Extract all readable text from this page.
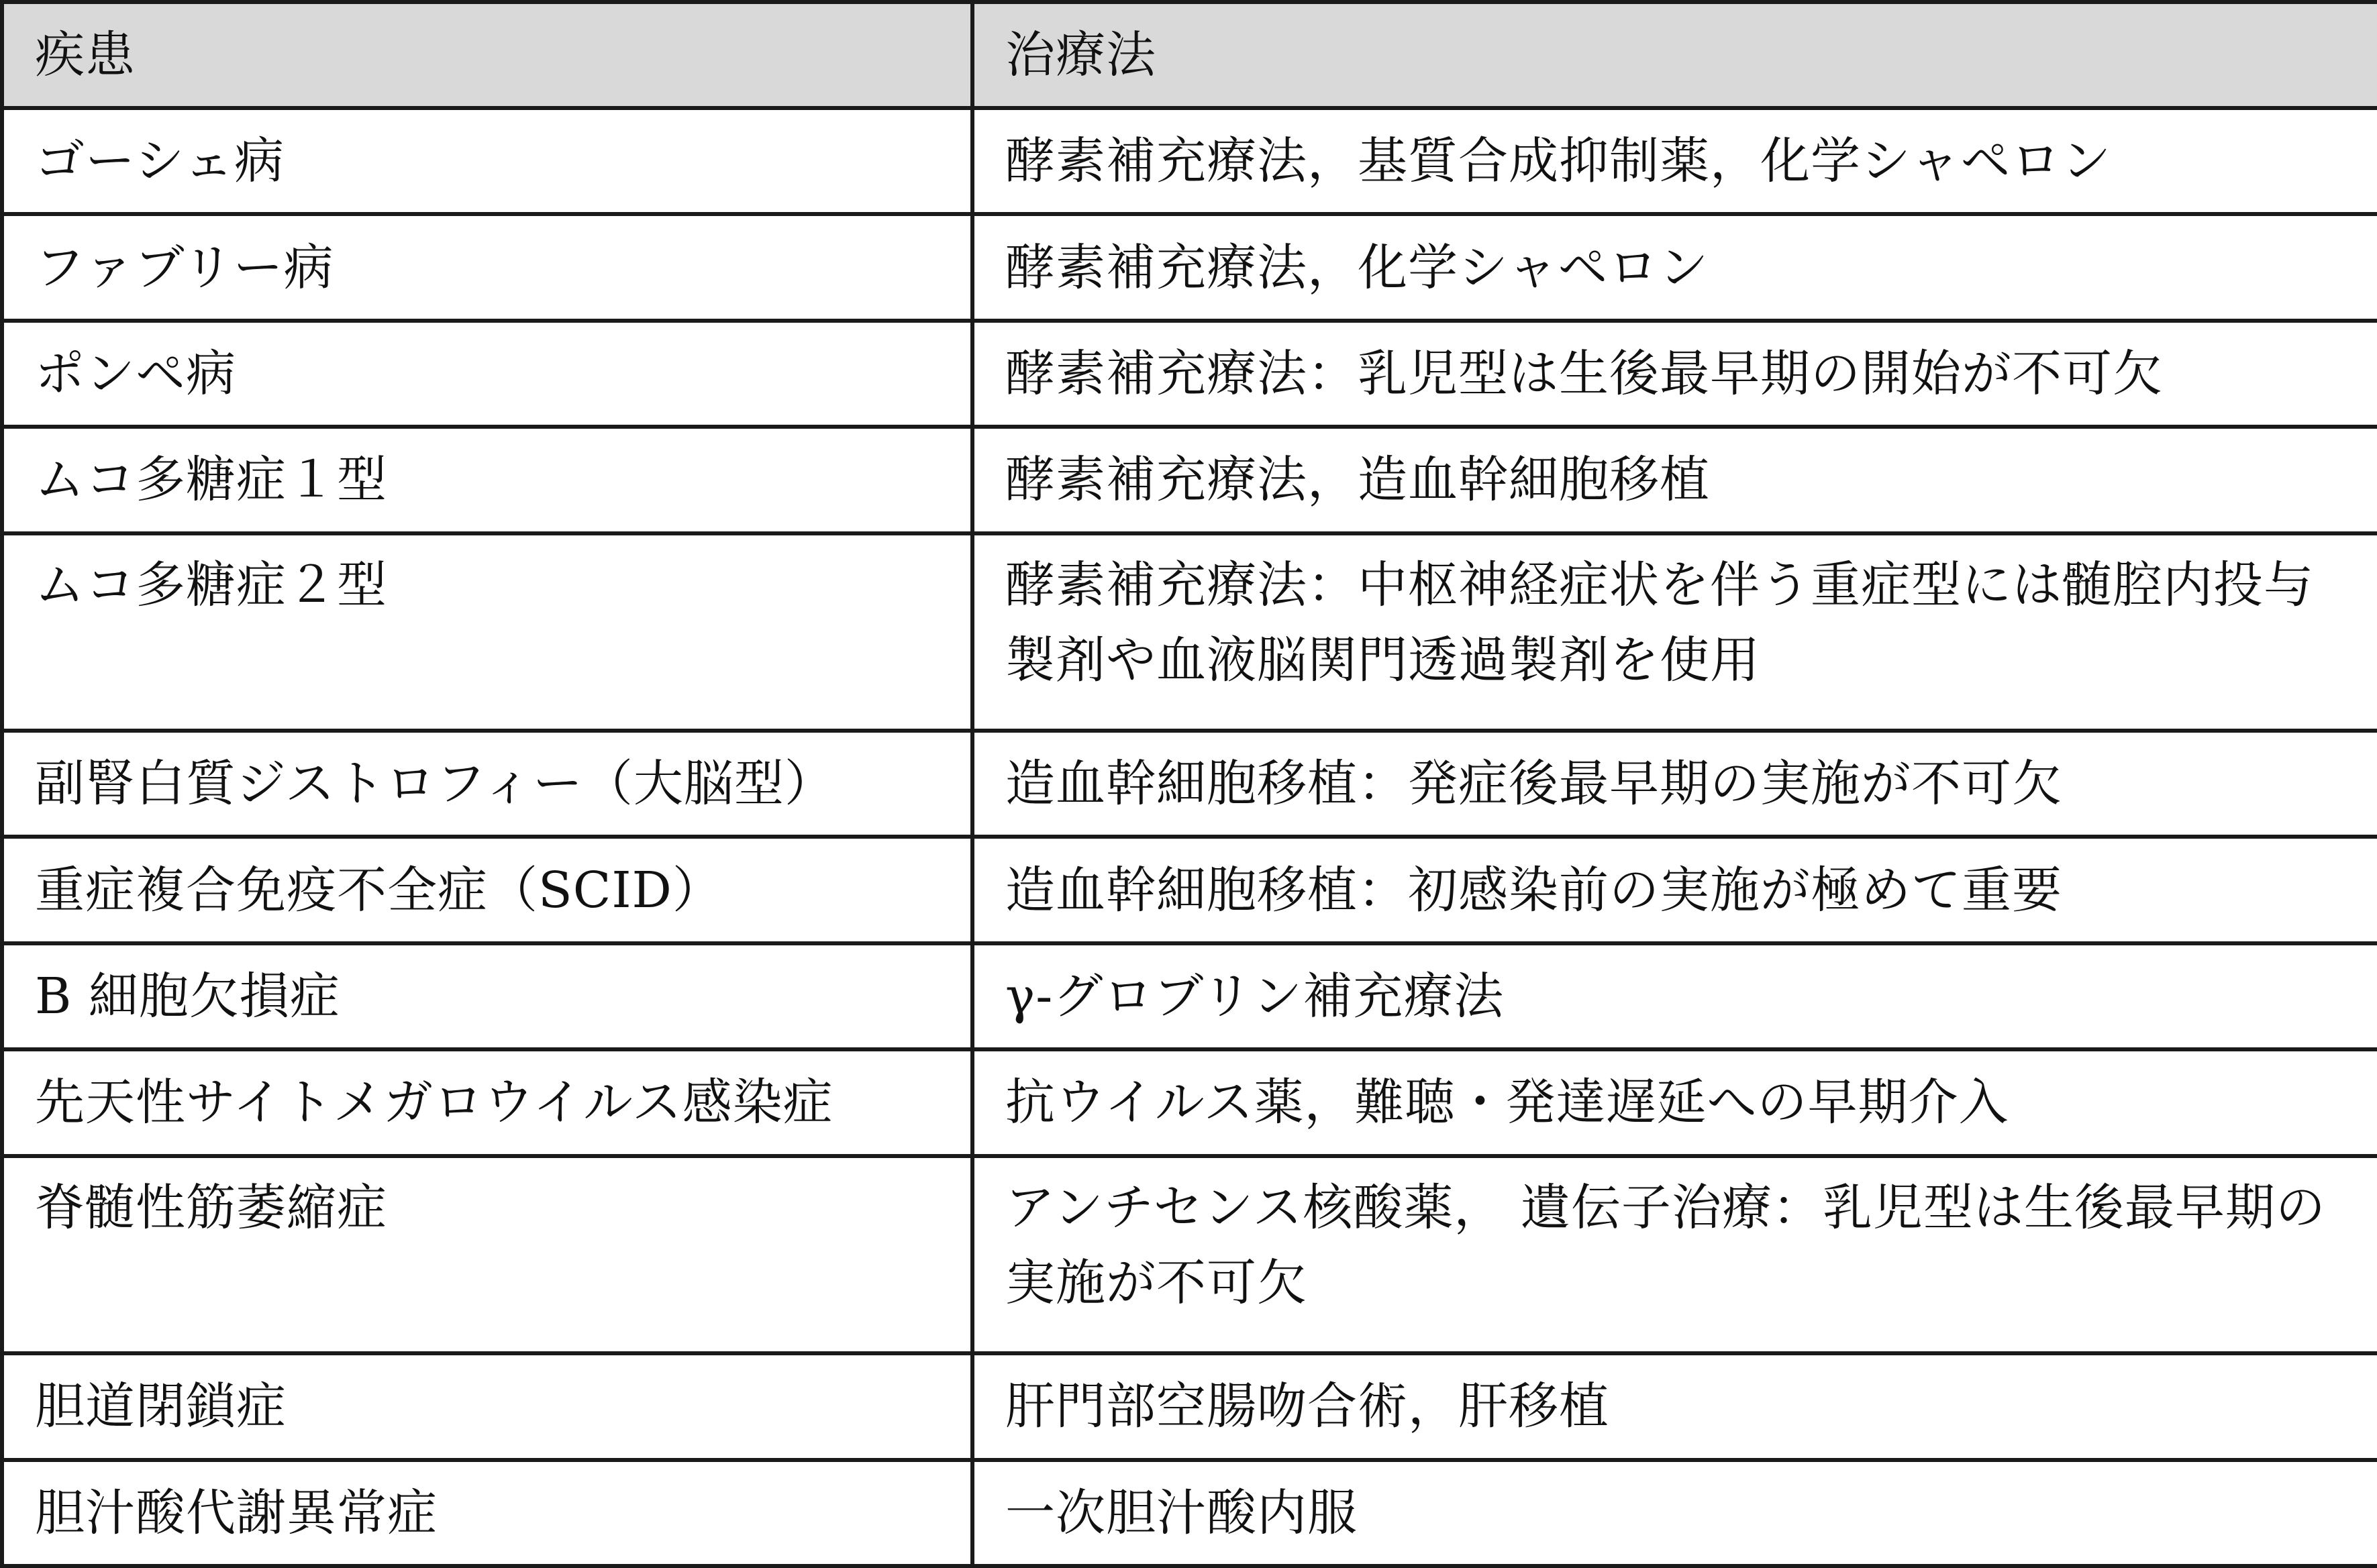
疾患	治療法
ゴーシェ病	酵素補充療法，基質合成抑制薬，化学シャペロン
ファブリー病	酵素補充療法，化学シャペロン
ポンペ病	酵素補充療法：乳児型は生後最早期の開始が不可欠
ムコ多糖症１型	酵素補充療法，造血幹細胞移植
ムコ多糖症２型	酵素補充療法：中枢神経症状を伴う重症型には髄腔内投与製剤や血液脳関門透過製剤を使用
副腎白質ジストロフィー（大脳型）	造血幹細胞移植：発症後最早期の実施が不可欠
重症複合免疫不全症（SCID）	造血幹細胞移植：初感染前の実施が極めて重要
B 細胞欠損症	γ-グロブリン補充療法
先天性サイトメガロウイルス感染症	抗ウイルス薬，難聴・発達遅延への早期介入
脊髄性筋萎縮症	アンチセンス核酸薬， 遺伝子治療：乳児型は生後最早期の実施が不可欠
胆道閉鎖症	肝門部空腸吻合術，肝移植
胆汁酸代謝異常症	一次胆汁酸内服
